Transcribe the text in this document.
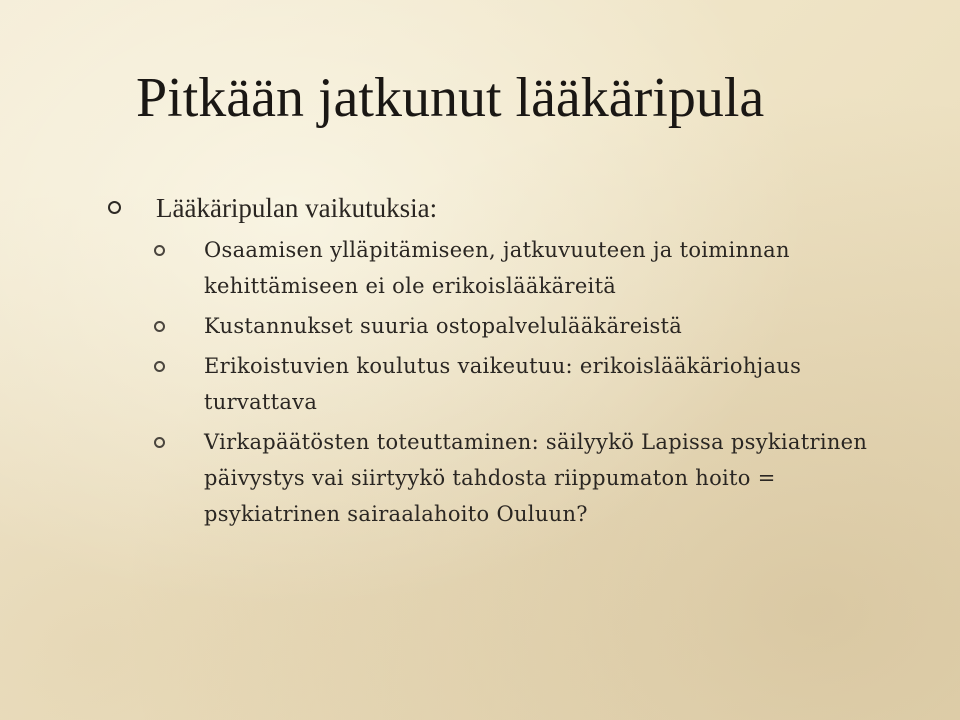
Pitkään jatkunut lääkäripula
Lääkäripulan vaikutuksia:
Osaamisen ylläpitämiseen, jatkuvuuteen ja toiminnan kehittämiseen ei ole erikoislääkäreitä
Kustannukset suuria ostopalvelulääkäreistä
Erikoistuvien koulutus vaikeutuu: erikoislääkäriohjaus turvattava
Virkapäätösten toteuttaminen: säilyykö Lapissa psykiatrinen päivystys vai siirtyykö tahdosta riippumaton hoito = psykiatrinen sairaalahoito Ouluun?
